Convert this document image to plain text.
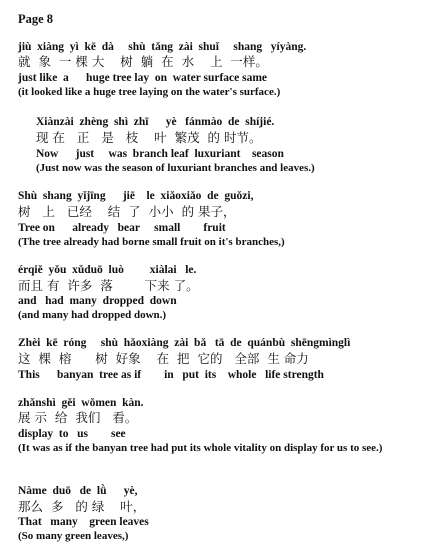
Page 8
jiù  xiàng  yì  kē  dà     shù  tǎng  zài  shuǐ     shang   yíyàng.
就  象  一 棵 大    树  躺  在  水    上  一样。
just like  a      huge tree lay  on  water surface same
(it looked like a huge tree laying on the water's surface.)
Xiànzài  zhèng  shì  zhī      yè   fánmào  de  shíjié.
现 在   正   是   枝    叶  繁茂  的 时节。
Now      just     was  branch leaf  luxuriant    season
(Just now was the season of luxuriant branches and leaves.)
Shù  shang  yǐjīng      jiē    le  xiǎoxiǎo  de  guǒzi,
树   上   已经    结  了  小小  的 果子，
Tree on      already   bear     small        fruit
(The tree already had borne small fruit on it's branches,)
érqiě  yǒu  xǔduō  luò         xiàlai   le.
而且 有  许多  落        下来 了。
and   had  many  dropped  down
(and many had dropped down.)
Zhèi  kē  róng     shù  hǎoxiàng  zài  bǎ   tā  de  quánbù  shēngmìnglì
这  棵  榕      树  好象    在  把  它的   全部  生 命力
This      banyan  tree as if        in   put  its    whole   life strength
zhǎnshì  gěi  wǒmen  kàn.
展 示  给  我们   看。
display  to   us        see
(It was as if the banyan tree had put its whole vitality on display for us to see.)
Nàme  duō   de  lǜ      yè,
那么  多   的 绿    叶，
That   many    green leaves
(So many green leaves,)
